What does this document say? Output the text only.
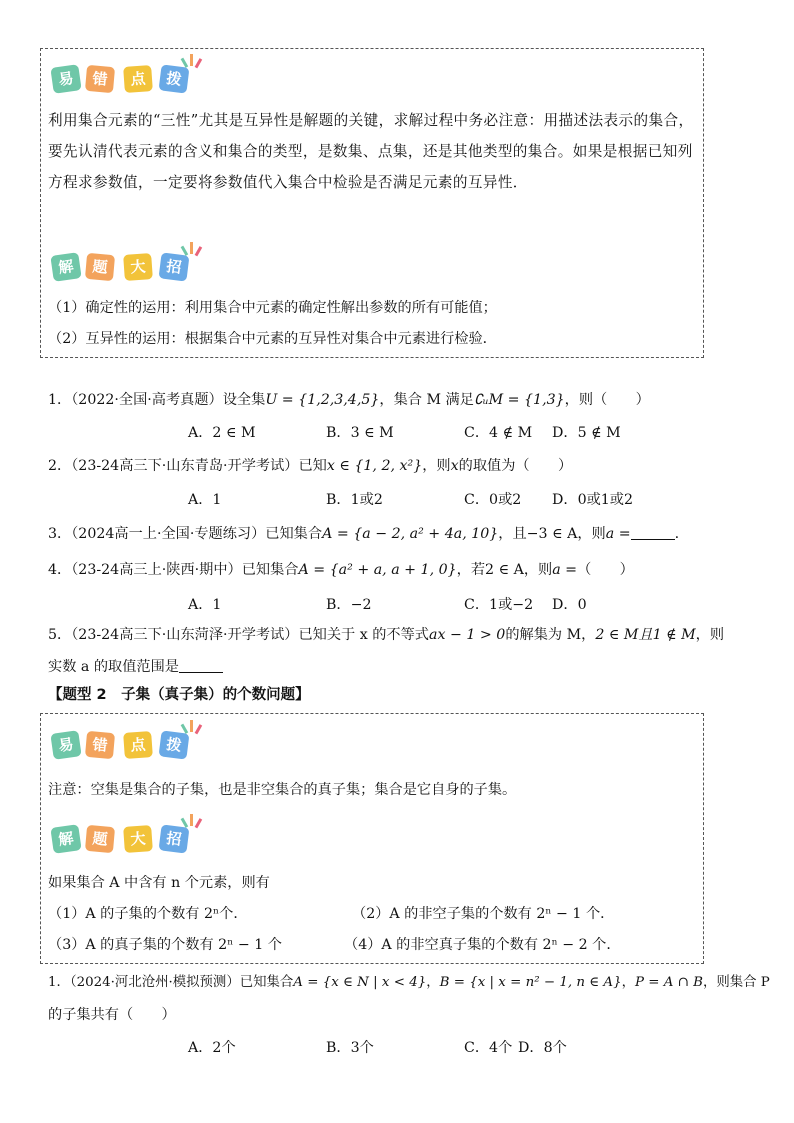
易	错	点	拨
利用集合元素的“三性”尤其是互异性是解题的关键，求解过程中务必注意：用描述法表示的集合，要先认清代表元素的含义和集合的类型，是数集、点集，还是其他类型的集合。如果是根据已知列方程求参数值，一定要将参数值代入集合中检验是否满足元素的互异性．
解	题	大	招
（1）确定性的运用：利用集合中元素的确定性解出参数的所有可能值；
（2）互异性的运用：根据集合中元素的互异性对集合中元素进行检验．
1．（2022·全国·高考真题）设全集U = {1,2,3,4,5}，集合 M 满足∁ᵤM = {1,3}，则（　　）
A．2 ∈ M	B．3 ∈ M	C．4 ∉ M D．5 ∉ M
2．（23-24高三下·山东青岛·开学考试）已知x ∈ {1, 2, x²}，则x的取值为（　　）
A．1	B．1或2	C．0或2 D．0或1或2
3．（2024高一上·全国·专题练习）已知集合A = {a − 2, a² + 4a, 10}，且−3 ∈ A，则a =	.
4．（23-24高三上·陕西·期中）已知集合A = {a² + a, a + 1, 0}，若2 ∈ A，则a =（　　）
A．1	B．−2	C．1或−2 D．0
5．（23-24高三下·山东菏泽·开学考试）已知关于 x 的不等式ax − 1 > 0的解集为 M，2 ∈ M且1 ∉ M，则
实数 a 的取值范围是
【题型 2　子集（真子集）的个数问题】
易	错	点	拨
注意：空集是集合的子集，也是非空集合的真子集；集合是它自身的子集。
解	题	大	招
如果集合 A 中含有 n 个元素，则有
（1）A 的子集的个数有 2ⁿ个．	（2）A 的非空子集的个数有 2ⁿ − 1 个．
（3）A 的真子集的个数有 2ⁿ − 1 个	（4）A 的非空真子集的个数有 2ⁿ − 2 个．
1．（2024·河北沧州·模拟预测）已知集合A = {x ∈ N | x < 4}，B = {x | x = n² − 1, n ∈ A}，P = A ∩ B，则集合 P
的子集共有（　　）
A．2个	B．3个	C．4个 D．8个
